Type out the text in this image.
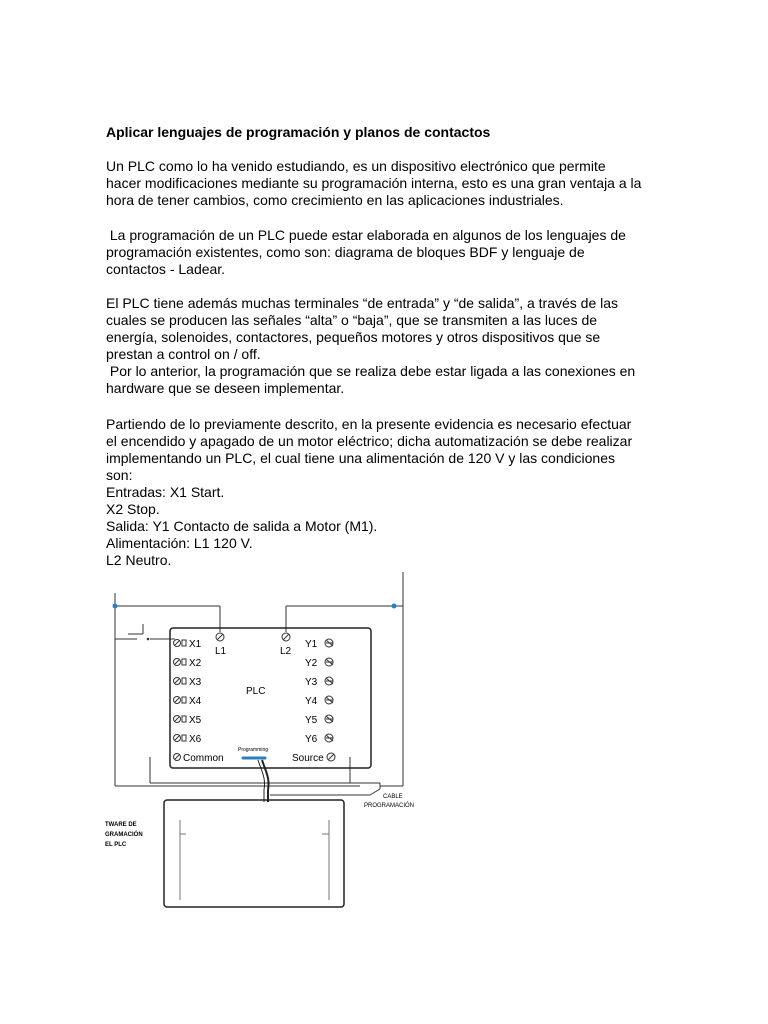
Aplicar lenguajes de programación y planos de contactos

Un PLC como lo ha venido estudiando, es un dispositivo electrónico que permite
hacer modificaciones mediante su programación interna, esto es una gran ventaja a la
hora de tener cambios, como crecimiento en las aplicaciones industriales.

La programación de un PLC puede estar elaborada en algunos de los lenguajes de
programación existentes, como son: diagrama de bloques BDF y lenguaje de
contactos - Ladear.

El PLC tiene además muchas terminales “de entrada” y “de salida”, a través de las
cuales se producen las señales “alta” o “baja”, que se transmiten a las luces de
energía, solenoides, contactores, pequeños motores y otros dispositivos que se
prestan a control on / off.
Por lo anterior, la programación que se realiza debe estar ligada a las conexiones en
hardware que se deseen implementar.

Partiendo de lo previamente descrito, en la presente evidencia es necesario efectuar
el encendido y apagado de un motor eléctrico; dicha automatización se debe realizar
implementando un PLC, el cual tiene una alimentación de 120 V y las condiciones
son:
Entradas: X1 Start.
X2 Stop.
Salida: Y1 Contacto de salida a Motor (M1).
Alimentación: L1 120 V.
L2 Neutro.

PLC
L1	L2
X1
X2
X3
X4
X5
X6
Y1
Y2
Y3
Y4
Y5
Y6
Common	Source
Programming
CABLE
PROGRAMACIÓN
TWARE DE
GRAMACIÓN
EL PLC
